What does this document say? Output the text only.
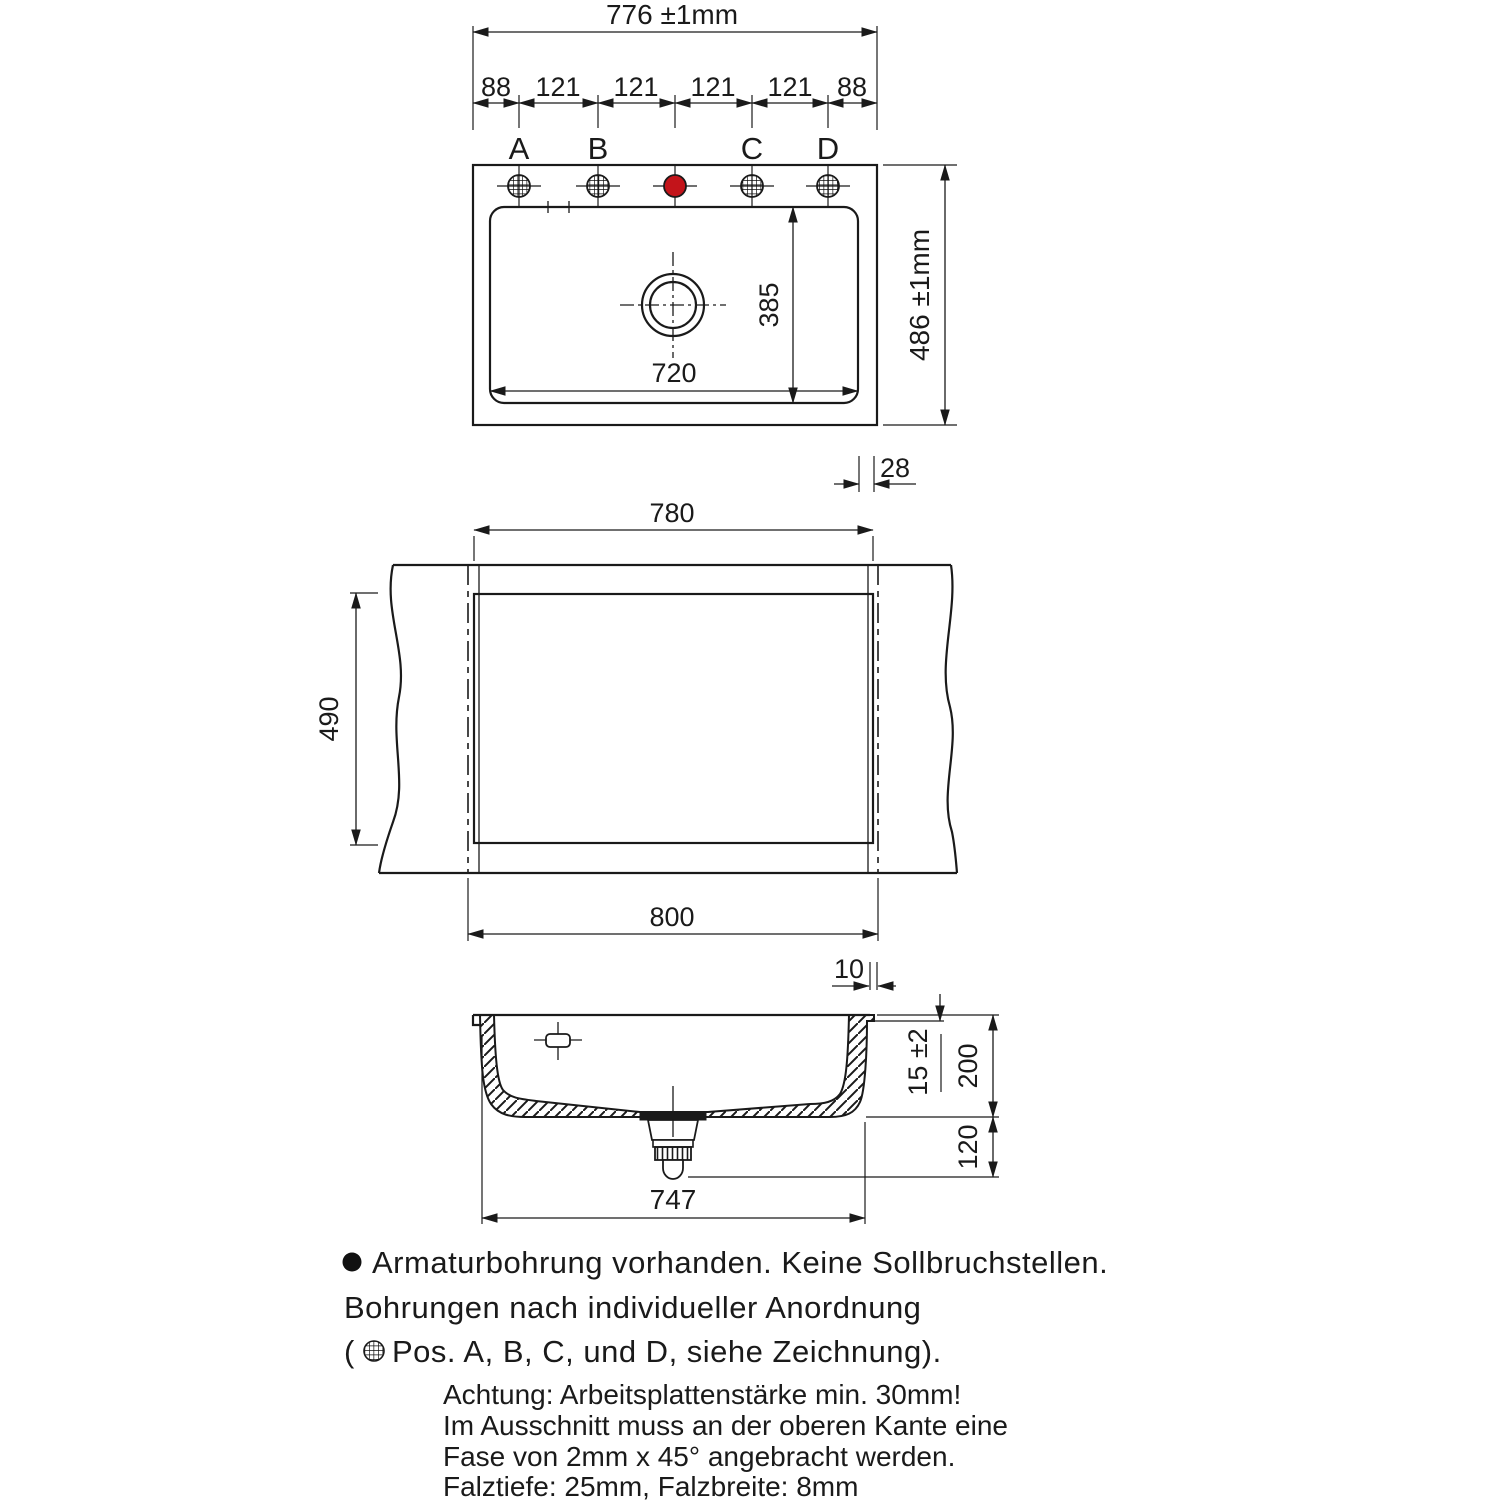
776 ±1mm
88 121 121 121 121 88
A B	C D
385
720
486 ±1mm
28
780
490
800
10
15 ±2 200
120
747
Armaturbohrung vorhanden. Keine Sollbruchstellen.
Bohrungen nach individueller Anordnung
( Pos. A, B, C, und D, siehe Zeichnung).
Achtung: Arbeitsplattenstärke min. 30mm!
Im Ausschnitt muss an der oberen Kante eine
Fase von 2mm x 45° angebracht werden.
Falztiefe: 25mm, Falzbreite: 8mm
